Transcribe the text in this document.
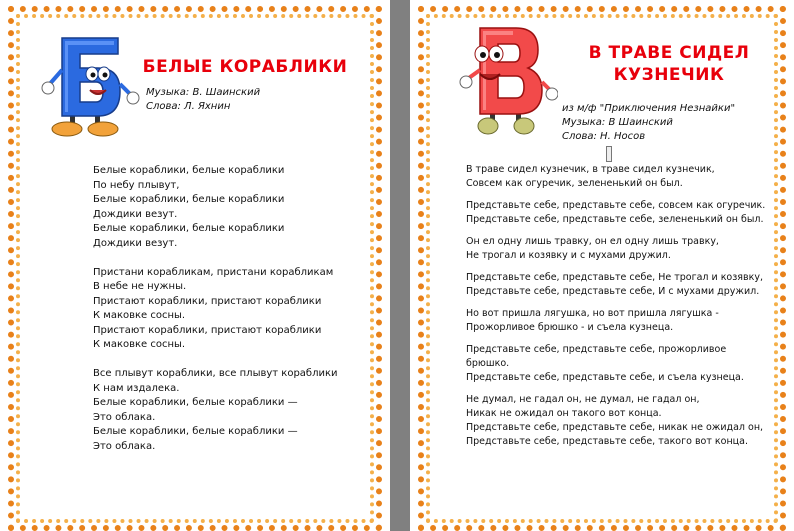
БЕЛЫЕ КОРАБЛИКИ
Музыка: В. Шаинский
Слова: Л. Яхнин
Белые кораблики, белые кораблики
По небу плывут,
Белые кораблики, белые кораблики
Дождики везут.
Белые кораблики, белые кораблики
Дождики везут.
Пристани корабликам, пристани корабликам
В небе не нужны.
Пристают кораблики, пристают кораблики
К маковке сосны.
Пристают кораблики, пристают кораблики
К маковке сосны.
Все плывут кораблики, все плывут кораблики
К нам издалека.
Белые кораблики, белые кораблики —
Это облака.
Белые кораблики, белые кораблики —
Это облака.
В ТРАВЕ СИДЕЛ
КУЗНЕЧИК
из м/ф "Приключения Незнайки"
Музыка: В Шаинский
Слова: Н. Носов
В траве сидел кузнечик, в траве сидел кузнечик,
Совсем как огуречик, зелененький он был.
Представьте себе, представьте себе, совсем как огуречик.
Представьте себе, представьте себе, зелененький он был.
Он ел одну лишь травку, он ел одну лишь травку,
Не трогал и козявку и с мухами дружил.
Представьте себе, представьте себе, Не трогал и козявку,
Представьте себе, представьте себе, И с мухами дружил.
Но вот пришла лягушка, но вот пришла лягушка -
Прожорливое брюшко - и съела кузнеца.
Представьте себе, представьте себе, прожорливое
брюшко.
Представьте себе, представьте себе, и съела кузнеца.
Не думал, не гадал он, не думал, не гадал он,
Никак не ожидал он такого вот конца.
Представьте себе, представьте себе, никак не ожидал он,
Представьте себе, представьте себе, такого вот конца.
